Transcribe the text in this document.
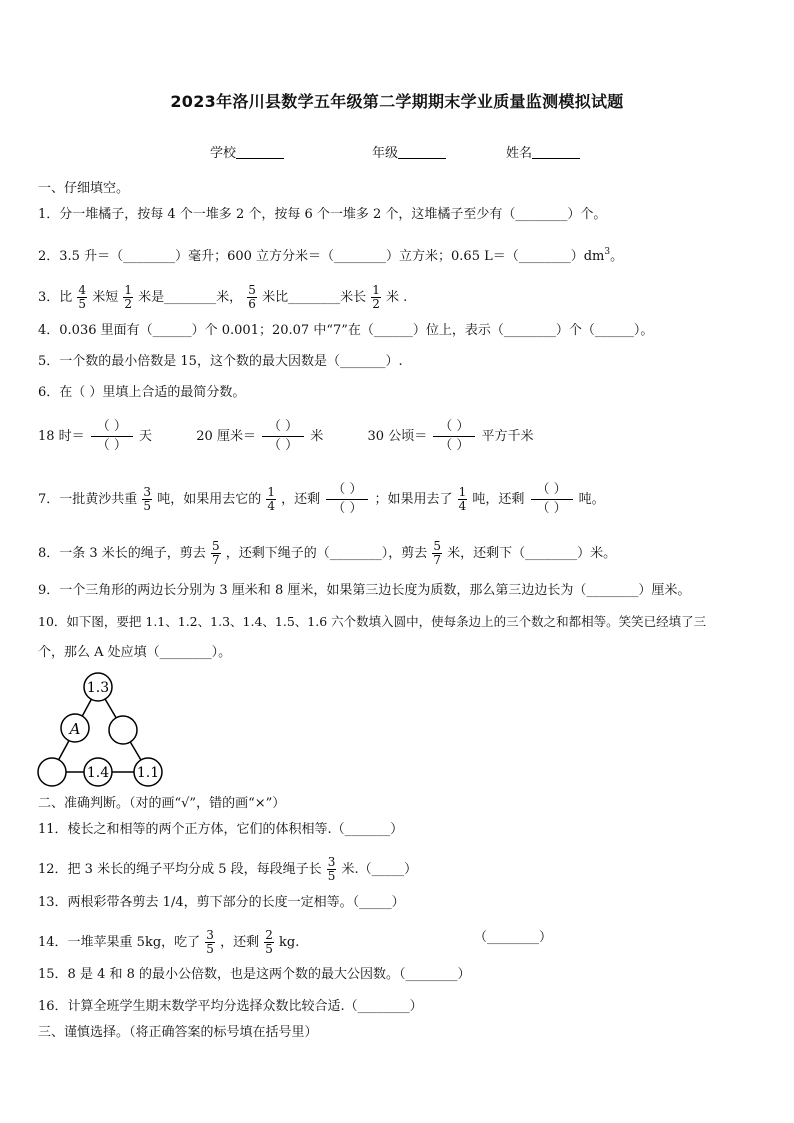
2023年洛川县数学五年级第二学期期末学业质量监测模拟试题
学校	年级	姓名
一、仔细填空。
1．分一堆橘子，按每 4 个一堆多 2 个，按每 6 个一堆多 2 个，这堆橘子至少有（________）个。
2．3.5 升＝（________）毫升；600 立方分米＝（________）立方米；0.65 $L=(\_\_\_\_\_\_\_\_)dm^3$。
3．比 $\frac{4}{5}$ 米短 $\frac{1}{2}$ 米是________米， $\frac{5}{6}$ 米比________米长 $\frac{1}{2}$ 米 .
4．0.036 里面有（______）个 0.001；20.07 中“7”在（______）位上，表示（________）个（______）。
5．一个数的最小倍数是 15，这个数的最大因数是（_______）.
6．在（ ）里填上合适的最简分数。
18 时＝
（ ）
（ ）
天	20 厘米＝
（ ）
（ ）
米	30 公顷＝
（ ）
（ ）
平方千米
7．一批黄沙共重 $\frac{3}{5}$ 吨，如果用去它的 $\frac{1}{4}$ ，还剩
（ ）
（ ）
；如果用去了 $\frac{1}{4}$ 吨，还剩
（ ）
（ ）
吨。
8．一条 3 米长的绳子，剪去 $\frac{5}{7}$ ，还剩下绳子的（________），剪去 $\frac{5}{7}$ 米，还剩下（________）米。
9．一个三角形的两边长分别为 3 厘米和 8 厘米，如果第三边长度为质数，那么第三边边长为（________）厘米。
10．如下图，要把 1.1、1.2、1.3、1.4、1.5、1.6 六个数填入圆中，使每条边上的三个数之和都相等。笑笑已经填了三
个，那么 A 处应填（________）。
1.3
A
1.4 1.1
二、准确判断。（对的画“√”，错的画“×”）
11．棱长之和相等的两个正方体，它们的体积相等.（_______）
12．把 3 米长的绳子平均分成 5 段，每段绳子长 $\frac{3}{5}$ 米.（_____）
13．两根彩带各剪去 1/4，剪下部分的长度一定相等。（_____）
14．一堆苹果重 5kg，吃了 $\frac{3}{5}$ ，还剩 $\frac{2}{5}$ kg.	（________）
15．8 是 4 和 8 的最小公倍数，也是这两个数的最大公因数。（________）
16．计算全班学生期末数学平均分选择众数比较合适.（________）
三、谨慎选择。（将正确答案的标号填在括号里）
